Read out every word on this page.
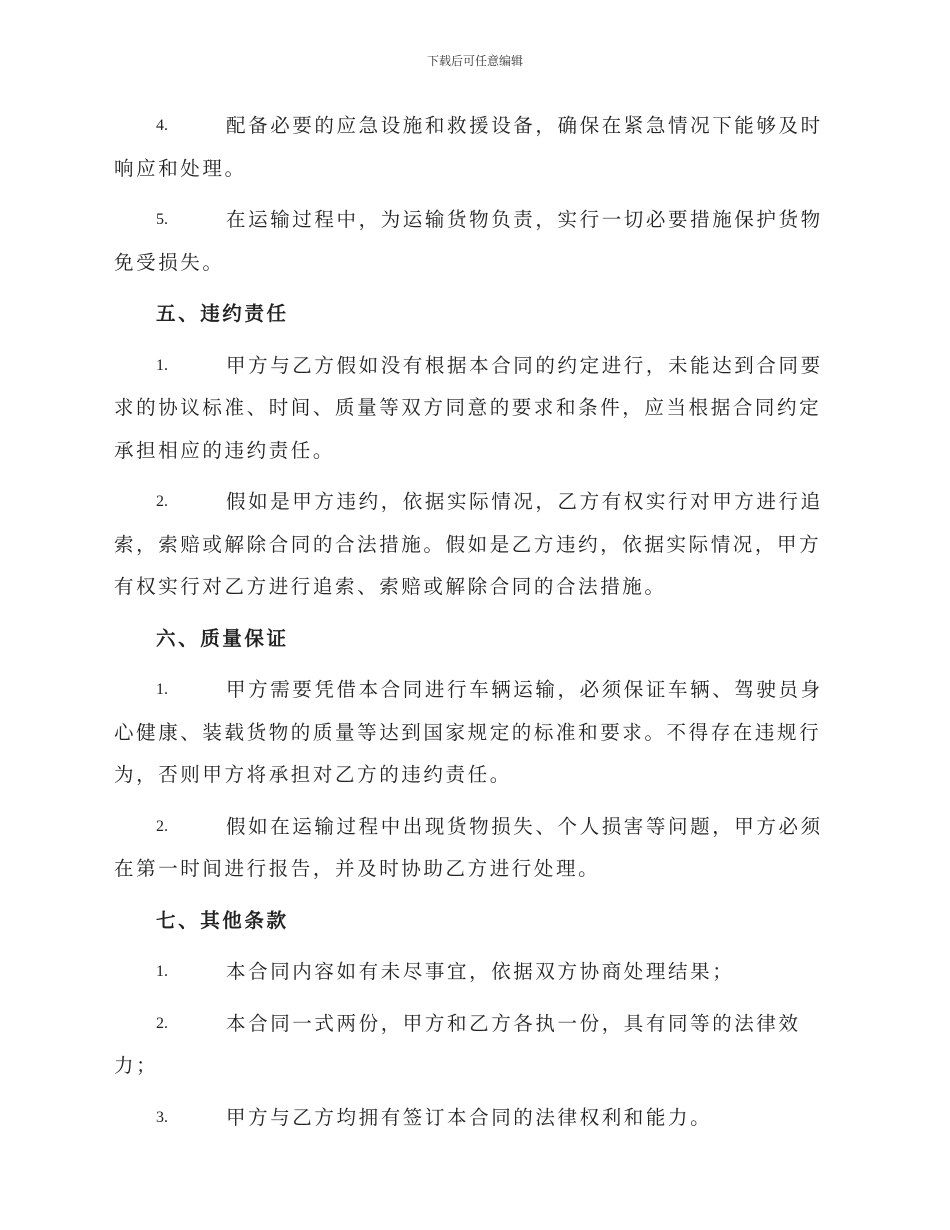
下载后可任意编辑

4.	配备必要的应急设施和救援设备，确保在紧急情况下能够及时响应和处理。

5.	在运输过程中，为运输货物负责，实行一切必要措施保护货物免受损失。

五、违约责任

1.	甲方与乙方假如没有根据本合同的约定进行，未能达到合同要求的协议标准、时间、质量等双方同意的要求和条件，应当根据合同约定承担相应的违约责任。

2.	假如是甲方违约，依据实际情况，乙方有权实行对甲方进行追索，索赔或解除合同的合法措施。假如是乙方违约，依据实际情况，甲方有权实行对乙方进行追索、索赔或解除合同的合法措施。

六、质量保证

1.	甲方需要凭借本合同进行车辆运输，必须保证车辆、驾驶员身心健康、装载货物的质量等达到国家规定的标准和要求。不得存在违规行为，否则甲方将承担对乙方的违约责任。

2.	假如在运输过程中出现货物损失、个人损害等问题，甲方必须在第一时间进行报告，并及时协助乙方进行处理。

七、其他条款

1.	本合同内容如有未尽事宜，依据双方协商处理结果；

2.	本合同一式两份，甲方和乙方各执一份，具有同等的法律效力；

3.	甲方与乙方均拥有签订本合同的法律权利和能力。
